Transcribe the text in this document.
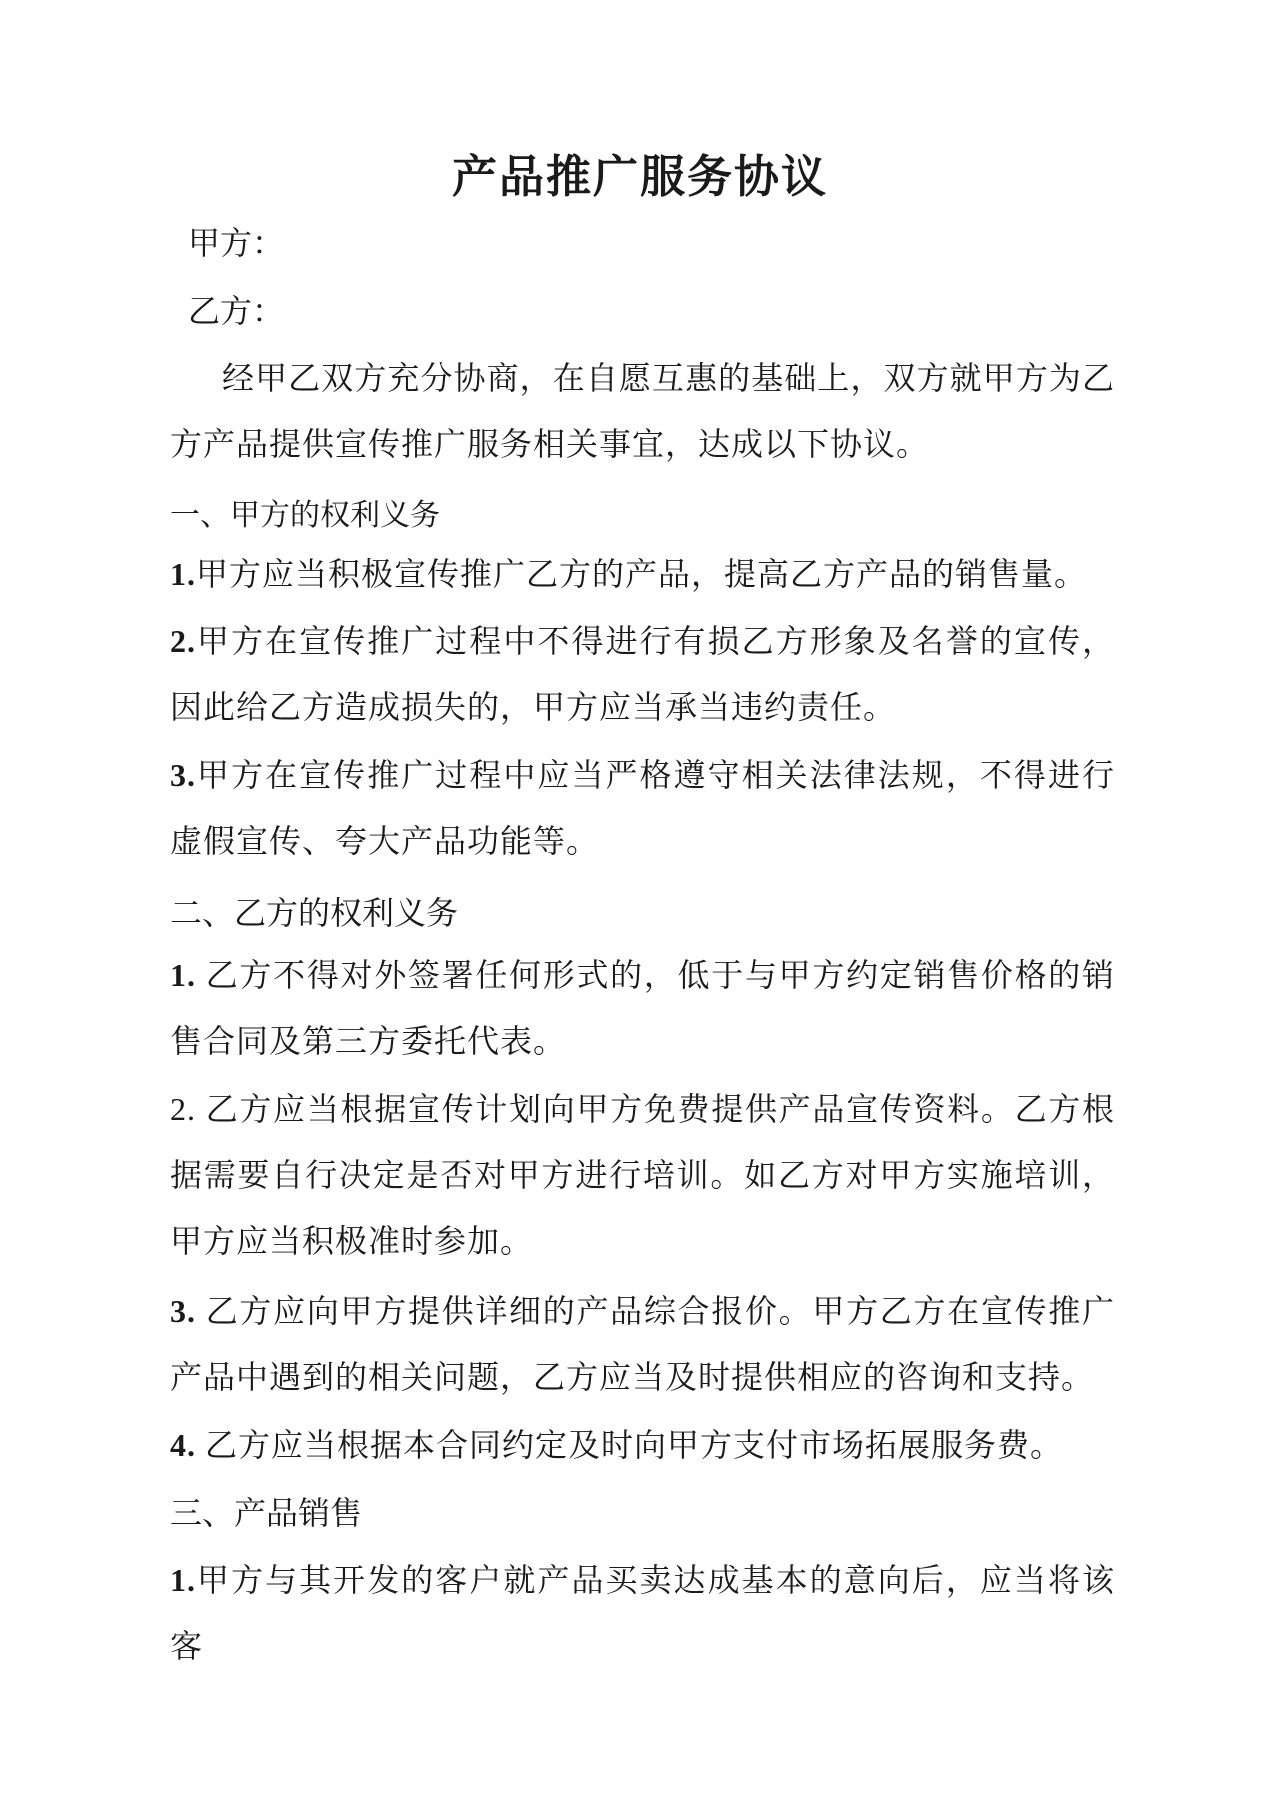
产品推广服务协议
甲方：
乙方：
经甲乙双方充分协商，在自愿互惠的基础上，双方就甲方为乙方产品提供宣传推广服务相关事宜，达成以下协议。
一、甲方的权利义务
1.甲方应当积极宣传推广乙方的产品，提高乙方产品的销售量。
2.甲方在宣传推广过程中不得进行有损乙方形象及名誉的宣传，因此给乙方造成损失的，甲方应当承当违约责任。
3.甲方在宣传推广过程中应当严格遵守相关法律法规，不得进行虚假宣传、夸大产品功能等。
二、乙方的权利义务
1. 乙方不得对外签署任何形式的，低于与甲方约定销售价格的销售合同及第三方委托代表。
2. 乙方应当根据宣传计划向甲方免费提供产品宣传资料。乙方根据需要自行决定是否对甲方进行培训。如乙方对甲方实施培训，甲方应当积极准时参加。
3. 乙方应向甲方提供详细的产品综合报价。甲方乙方在宣传推广产品中遇到的相关问题，乙方应当及时提供相应的咨询和支持。
4. 乙方应当根据本合同约定及时向甲方支付市场拓展服务费。
三、产品销售
1.甲方与其开发的客户就产品买卖达成基本的意向后，应当将该客
